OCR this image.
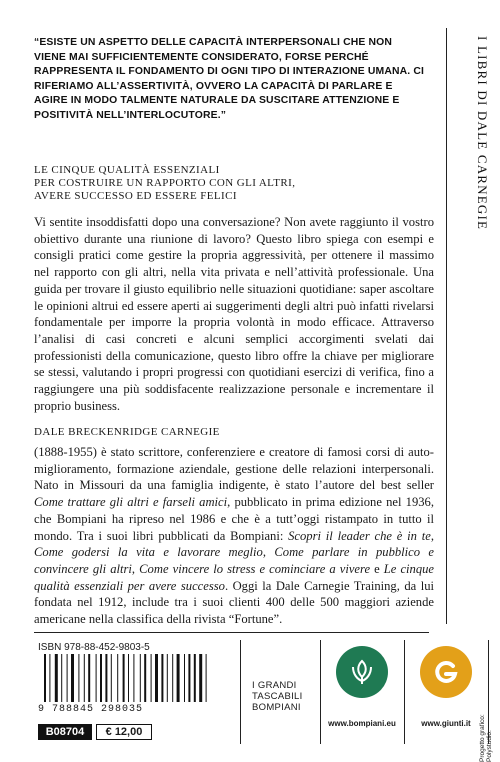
“ESISTE UN ASPETTO DELLE CAPACITÀ INTERPERSONALI CHE NON VIENE MAI SUFFICIENTEMENTE CONSIDERATO, FORSE PERCHÉ RAPPRESENTA IL FONDAMENTO DI OGNI TIPO DI INTERAZIONE UMANA. CI RIFERIAMO ALL’ASSERTIVITÀ, OVVERO LA CAPACITÀ DI PARLARE E AGIRE IN MODO TALMENTE NATURALE DA SUSCITARE ATTENZIONE E POSITIVITÀ NELL’INTERLOCUTORE.”	I LIBRI DI DALE CARNEGIE
LE CINQUE QUALITÀ ESSENZIALI
PER COSTRUIRE UN RAPPORTO CON GLI ALTRI, AVERE SUCCESSO ED ESSERE FELICI
Vi sentite insoddisfatti dopo una conversazione? Non avete raggiunto il vostro obiettivo durante una riunione di lavoro? Questo libro spiega con esempi e consigli pratici come gestire la propria aggressività, per ottenere il massimo nel rapporto con gli altri, nella vita privata e nell’attività professionale. Una guida per trovare il giusto equilibrio nelle situazioni quotidiane: saper ascoltare le opinioni altrui ed essere aperti ai suggerimenti degli altri può infatti rivelarsi fondamentale per imporre la propria volontà in modo efficace. Attraverso l’analisi di casi concreti e alcuni semplici accorgimenti svelati dai professionisti della comunicazione, questo libro offre la chiave per migliorare se stessi, valutando i propri progressi con quotidiani esercizi di verifica, fino a raggiungere una più soddisfacente realizzazione personale e incrementare il proprio business.
DALE BRECKENRIDGE CARNEGIE
(1888-1955) è stato scrittore, conferenziere e creatore di famosi corsi di auto-miglioramento, formazione aziendale, gestione delle relazioni interpersonali. Nato in Missouri da una famiglia indigente, è stato l’autore del best seller Come trattare gli altri e farseli amici, pubblicato in prima edizione nel 1936, che Bompiani ha ripreso nel 1986 e che è a tutt’oggi ristampato in tutto il mondo. Tra i suoi libri pubblicati da Bompiani: Scopri il leader che è in te, Come godersi la vita e lavorare meglio, Come parlare in pubblico e convincere gli altri, Come vincere lo stress e cominciare a vivere e Le cinque qualità essenziali per avere successo. Oggi la Dale Carnegie Training, da lui fondata nel 1912, include tra i suoi clienti 400 delle 500 maggiori aziende americane nella classifica della rivista “Fortune”.
ISBN 978-88-452-9803-5
9 788845 298035
B08704	€ 12,00
I GRANDI
TASCABILI
BOMPIANI
www.bompiani.eu	www.giunti.it	Progetto grafico: Polystudio.
